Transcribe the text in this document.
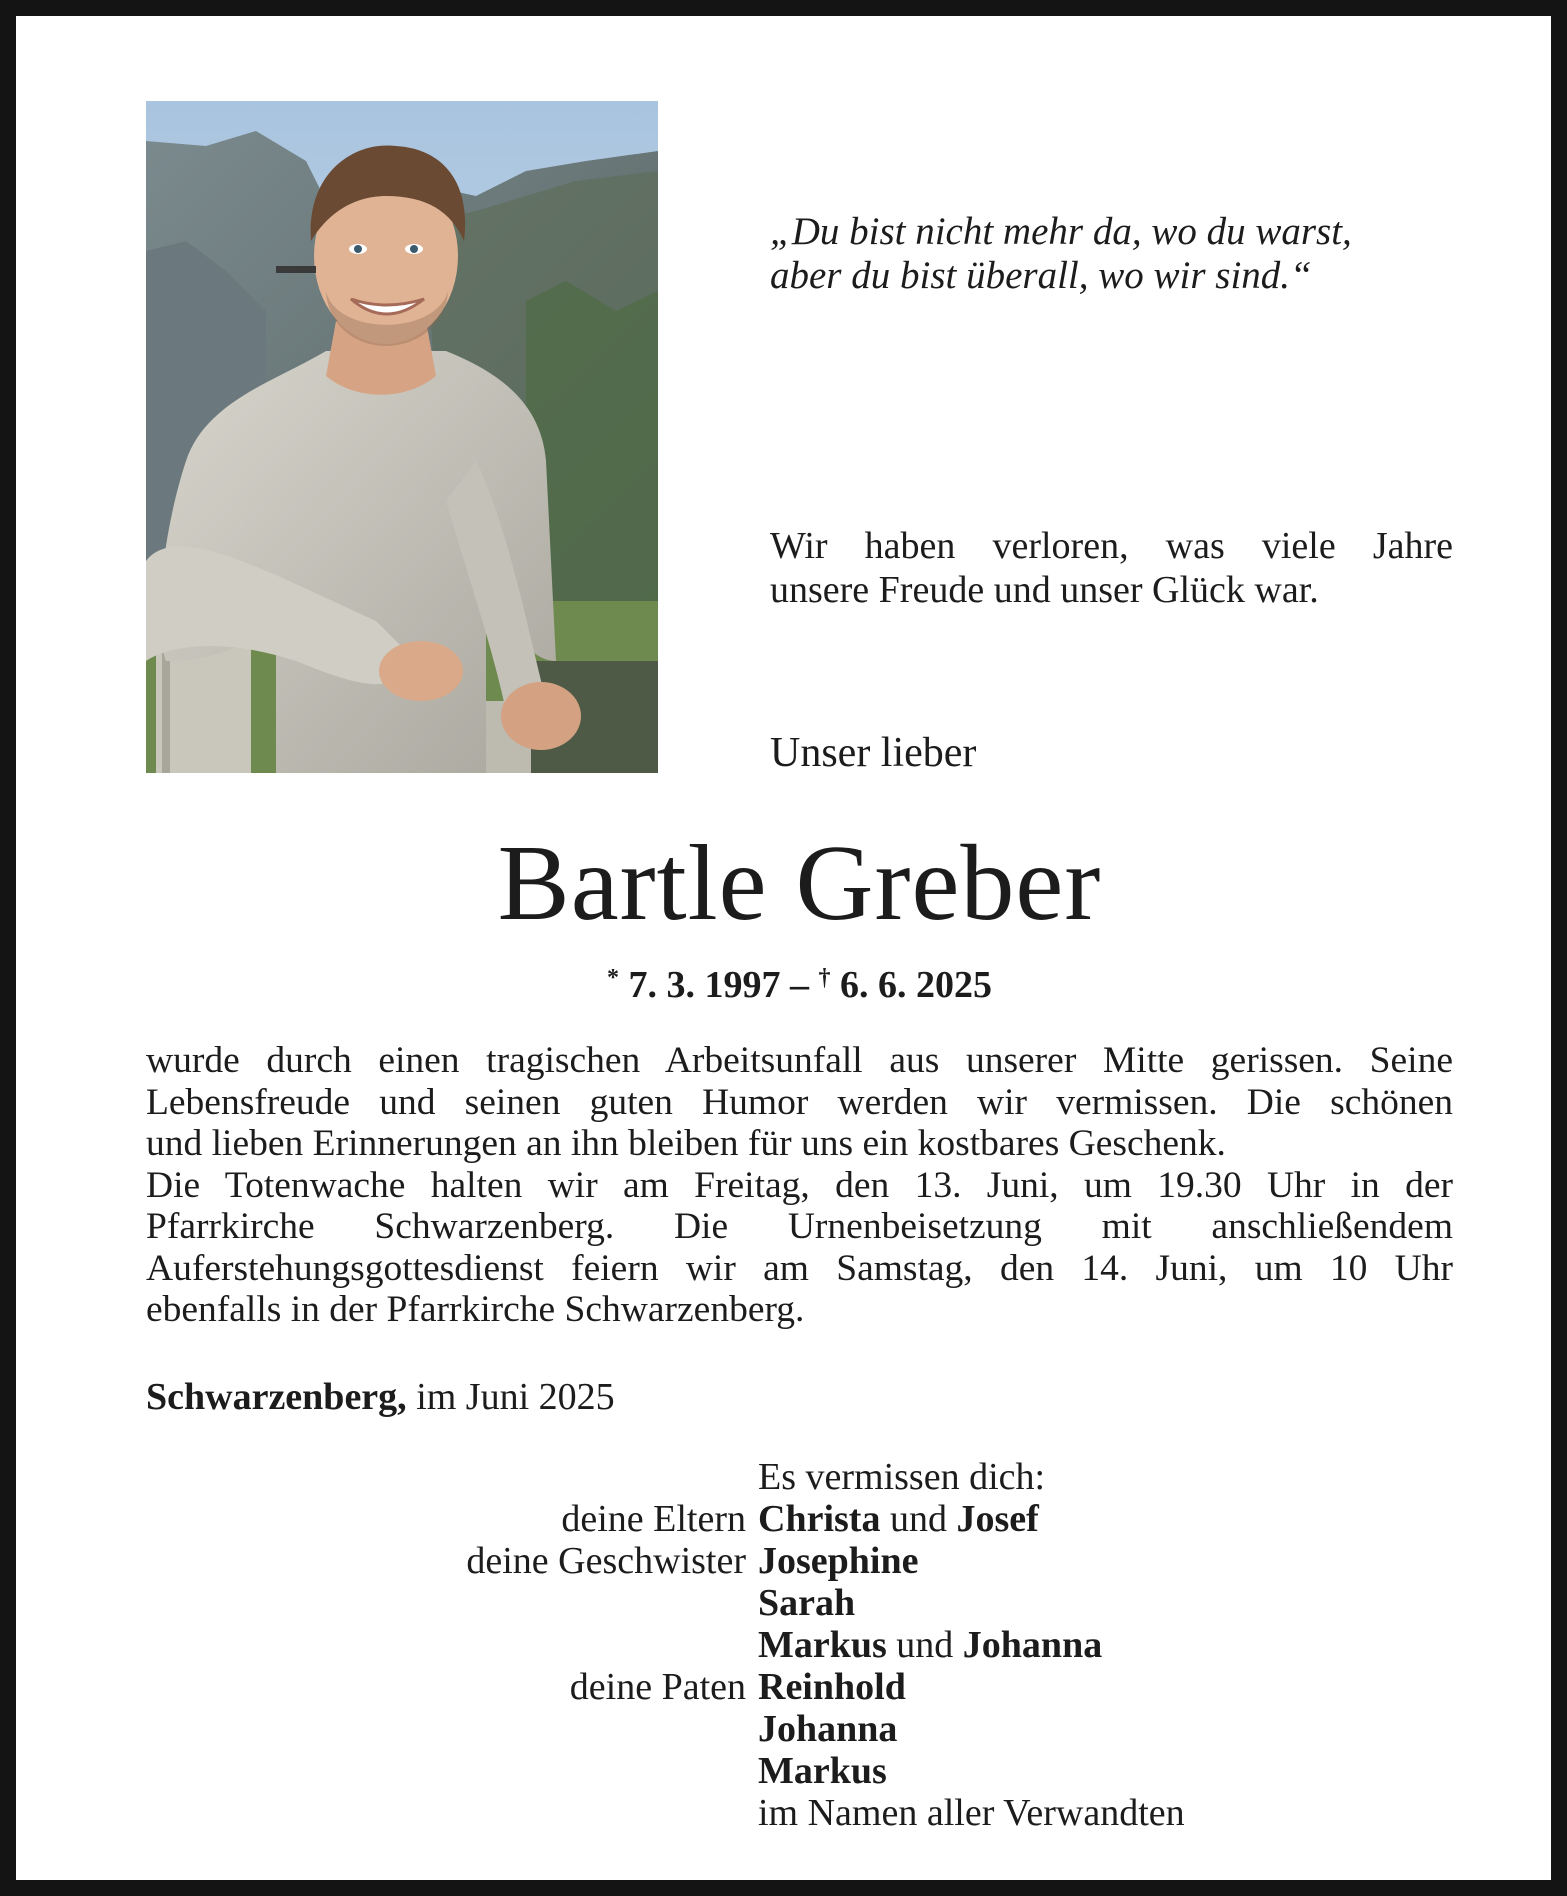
„Du bist nicht mehr da, wo du warst,
aber du bist überall, wo wir sind.“
Wir haben verloren, was viele Jahre
unsere Freude und unser Glück war.
Unser lieber
Bartle Greber
* 7. 3. 1997 – † 6. 6. 2025
wurde durch einen tragischen Arbeitsunfall aus unserer Mitte gerissen. Seine
Lebensfreude und seinen guten Humor werden wir vermissen. Die schönen
und lieben Erinnerungen an ihn bleiben für uns ein kostbares Geschenk.
Die Totenwache halten wir am Freitag, den 13. Juni, um 19.30 Uhr in der
Pfarrkirche Schwarzenberg. Die Urnenbeisetzung mit anschließendem
Auferstehungsgottesdienst feiern wir am Samstag, den 14. Juni, um 10 Uhr
ebenfalls in der Pfarrkirche Schwarzenberg.
Schwarzenberg, im Juni 2025
Es vermissen dich:
deine Eltern Christa und Josef
deine Geschwister Josephine
Sarah
Markus und Johanna
deine Paten Reinhold
Johanna
Markus
im Namen aller Verwandten
